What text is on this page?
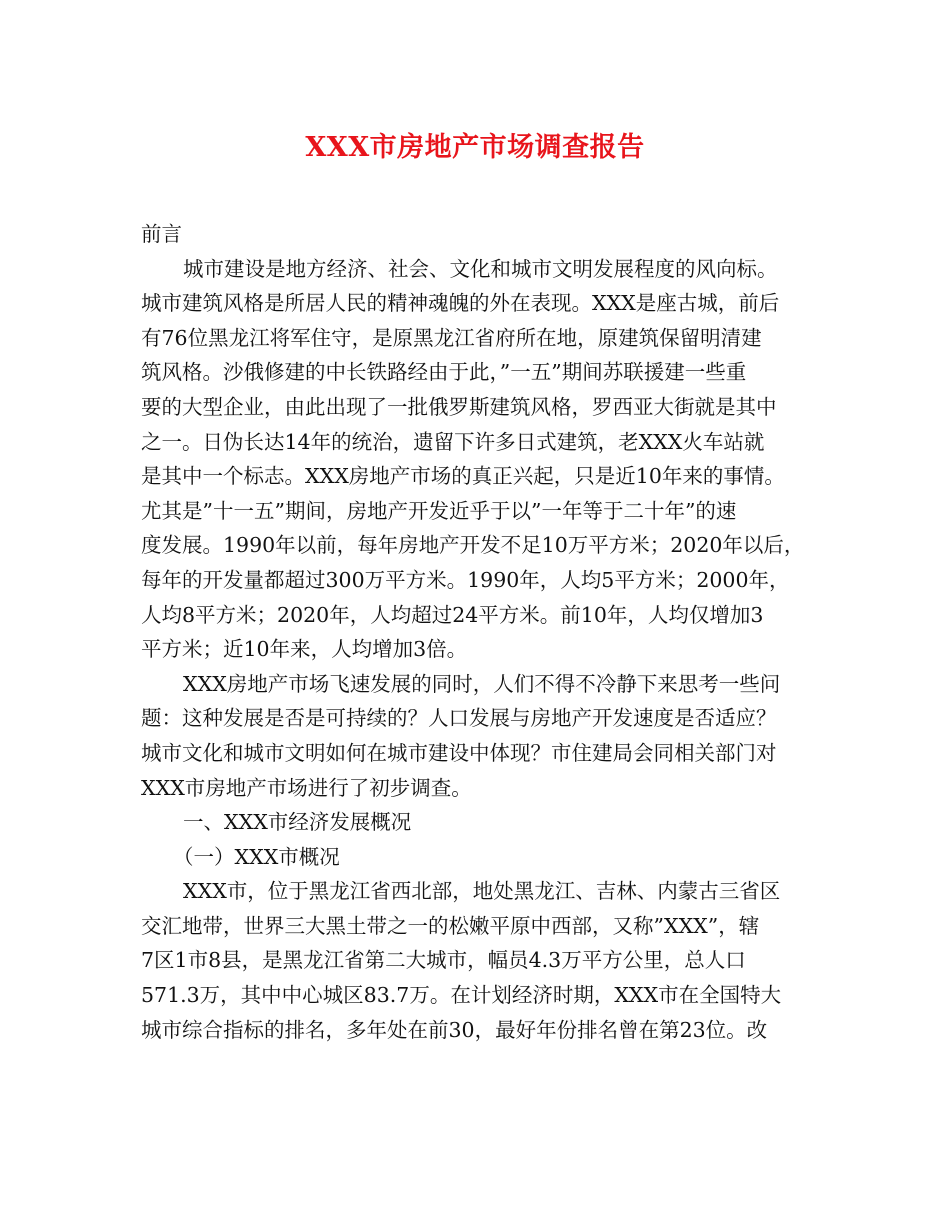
XXX市房地产市场调查报告

前言

城市建设是地方经济、社会、文化和城市文明发展程度的风向标。

城市建筑风格是所居人民的精神魂魄的外在表现。XXX是座古城，前后

有76位黑龙江将军住守，是原黑龙江省府所在地，原建筑保留明清建

筑风格。沙俄修建的中长铁路经由于此，”一五”期间苏联援建一些重

要的大型企业，由此出现了一批俄罗斯建筑风格，罗西亚大街就是其中

之一。日伪长达14年的统治，遗留下许多日式建筑，老XXX火车站就

是其中一个标志。XXX房地产市场的真正兴起，只是近10年来的事情。

尤其是”十一五”期间，房地产开发近乎于以”一年等于二十年”的速

度发展。1990年以前，每年房地产开发不足10万平方米；2020年以后，

每年的开发量都超过300万平方米。1990年，人均5平方米；2000年，

人均8平方米；2020年，人均超过24平方米。前10年，人均仅增加3

平方米；近10年来，人均增加3倍。

XXX房地产市场飞速发展的同时，人们不得不冷静下来思考一些问

题：这种发展是否是可持续的？人口发展与房地产开发速度是否适应？

城市文化和城市文明如何在城市建设中体现？市住建局会同相关部门对

XXX市房地产市场进行了初步调查。

一、XXX市经济发展概况

（一）XXX市概况

XXX市，位于黑龙江省西北部，地处黑龙江、吉林、内蒙古三省区

交汇地带，世界三大黑土带之一的松嫩平原中西部，又称”XXX”，辖

7区1市8县，是黑龙江省第二大城市，幅员4.3万平方公里，总人口

571.3万，其中中心城区83.7万。在计划经济时期，XXX市在全国特大

城市综合指标的排名，多年处在前30，最好年份排名曾在第23位。改
